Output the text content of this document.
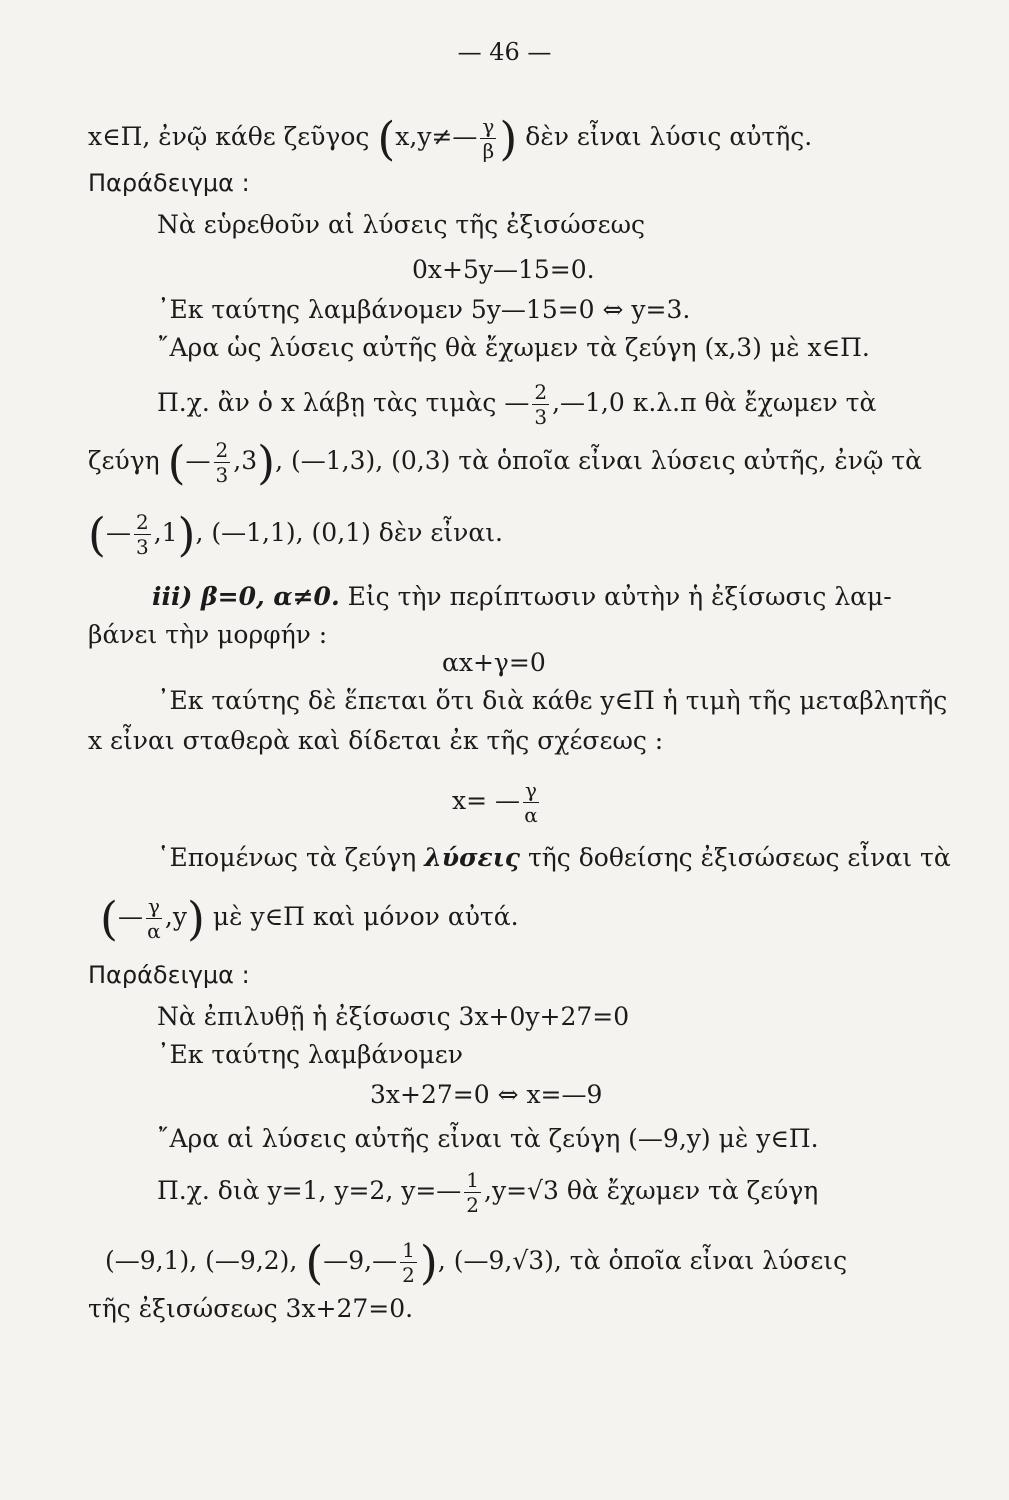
— 46 —
x∈Π, ἐνῷ κάθε ζεῦγος (x,y≠— $\frac{\gamma}{\beta}$ ) δὲν εἶναι λύσις αὐτῆς.
Παράδειγμα :
Νὰ εὑρεθοῦν αἱ λύσεις τῆς ἐξισώσεως
0x+5y—15=0.
᾿Εκ ταύτης λαμβάνομεν 5y—15=0 ⇔ y=3.
῎Αρα ὡς λύσεις αὐτῆς θὰ ἔχωμεν τὰ ζεύγη (x,3) μὲ x∈Π.
Π.χ. ἂν ὁ x λάβῃ τὰς τιμὰς — $\frac{2}{3}$ ,—1,0 κ.λ.π θὰ ἔχωμεν τὰ
ζεύγη (— $\frac{2}{3} ,3$), (—1,3), (0,3) τὰ ὁποῖα εἶναι λύσεις αὐτῆς, ἐνῷ τὰ
(— $\frac{2}{3} ,1$), (—1,1), (0,1) δὲν εἶναι.
iii) β=0, α≠0. Εἰς τὴν περίπτωσιν αὐτὴν ἡ ἐξίσωσις λαμ-
βάνει τὴν μορφήν :
αx+γ=0
᾿Εκ ταύτης δὲ ἕπεται ὅτι διὰ κάθε y∈Π ἡ τιμὴ τῆς μεταβλητῆς
x εἶναι σταθερὰ καὶ δίδεται ἐκ τῆς σχέσεως :
x= — $\frac{\gamma}{\alpha}$
῾Επομένως τὰ ζεύγη λύσεις τῆς δοθείσης ἐξισώσεως εἶναι τὰ
(— $\frac{\gamma}{\alpha} ,y$) μὲ y∈Π καὶ μόνον αὐτά.
Παράδειγμα :
Νὰ ἐπιλυθῇ ἡ ἐξίσωσις 3x+0y+27=0
᾿Εκ ταύτης λαμβάνομεν
3x+27=0 ⇔ x=—9
῎Αρα αἱ λύσεις αὐτῆς εἶναι τὰ ζεύγη (—9,y) μὲ y∈Π.
Π.χ. διὰ y=1, y=2, y=— $\frac{1}{2} ,y=√3$ θὰ ἔχωμεν τὰ ζεύγη
(—9,1), (—9,2), (—9,— $\frac{1}{2}$ ), (—9,√3), τὰ ὁποῖα εἶναι λύσεις
τῆς ἐξισώσεως 3x+27=0.
